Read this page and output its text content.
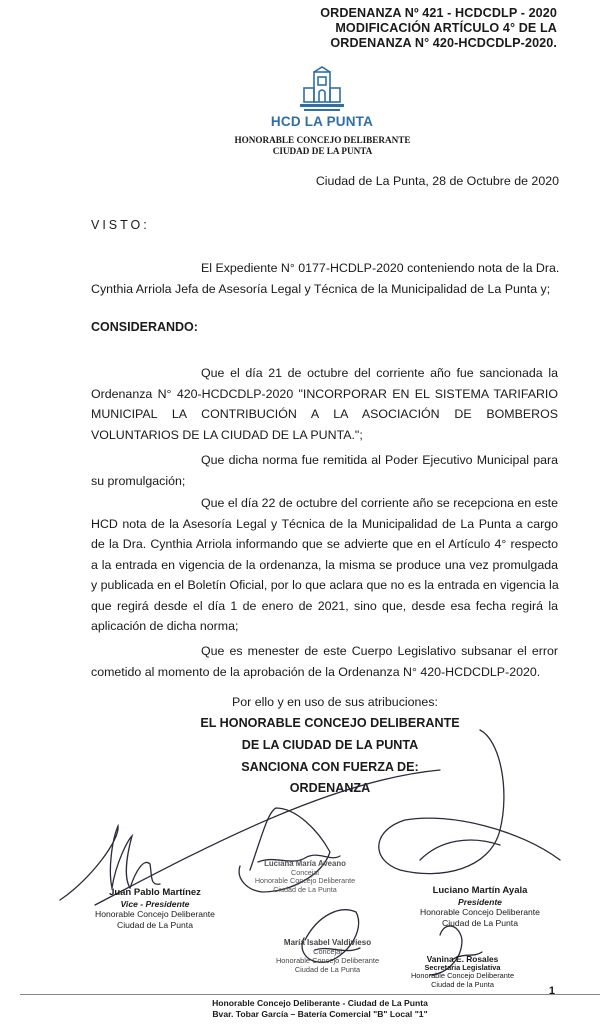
ORDENANZA Nº 421 - HCDCDLP - 2020
MODIFICACIÓN ARTÍCULO 4° DE LA
ORDENANZA N° 420-HCDCDLP-2020.
HCD LA PUNTA
HONORABLE CONCEJO DELIBERANTE
CIUDAD DE LA PUNTA
Ciudad de La Punta, 28 de Octubre de 2020
VISTO:
El Expediente N° 0177-HCDLP-2020 conteniendo nota de la Dra.
Cynthia Arriola Jefa de Asesoría Legal y Técnica de la Municipalidad de La Punta y;
CONSIDERANDO:
Que el día 21 de octubre del corriente año fue sancionada la
Ordenanza N° 420-HCDCDLP-2020 "INCORPORAR EN EL SISTEMA TARIFARIO
MUNICIPAL LA CONTRIBUCIÓN A LA ASOCIACIÓN DE BOMBEROS
VOLUNTARIOS DE LA CIUDAD DE LA PUNTA.";
Que dicha norma fue remitida al Poder Ejecutivo Municipal para
su promulgación;
Que el día 22 de octubre del corriente año se recepciona en este
HCD nota de la Asesoría Legal y Técnica de la Municipalidad de La Punta a cargo
de la Dra. Cynthia Arriola informando que se advierte que en el Artículo 4° respecto
a la entrada en vigencia de la ordenanza, la misma se produce una vez promulgada
y publicada en el Boletín Oficial, por lo que aclara que no es la entrada en vigencia la
que regirá desde el día 1 de enero de 2021, sino que, desde esa fecha regirá la
aplicación de dicha norma;
Que es menester de este Cuerpo Legislativo subsanar el error
cometido al momento de la aprobación de la Ordenanza N° 420-HCDCDLP-2020.
Por ello y en uso de sus atribuciones:
EL HONORABLE CONCEJO DELIBERANTE
DE LA CIUDAD DE LA PUNTA
SANCIONA CON FUERZA DE:
ORDENANZA
Juan Pablo Martínez
Vice - Presidente
Honorable Concejo Deliberante
Ciudad de La Punta
Luciano Martín Ayala
Presidente
Honorable Concejo Deliberante
Ciudad de La Punta
Luciana María Aveano
Concejal
Honorable Concejo Deliberante
Ciudad de La Punta
María Isabel Valdivieso
Concejal
Honorable Concejo Deliberante
Ciudad de La Punta
Vanina E. Rosales
Secretaria Legislativa
Honorable Concejo Deliberante
Ciudad de la Punta
1
Honorable Concejo Deliberante - Ciudad de La Punta
Bvar. Tobar García – Batería Comercial "B" Local "1"
